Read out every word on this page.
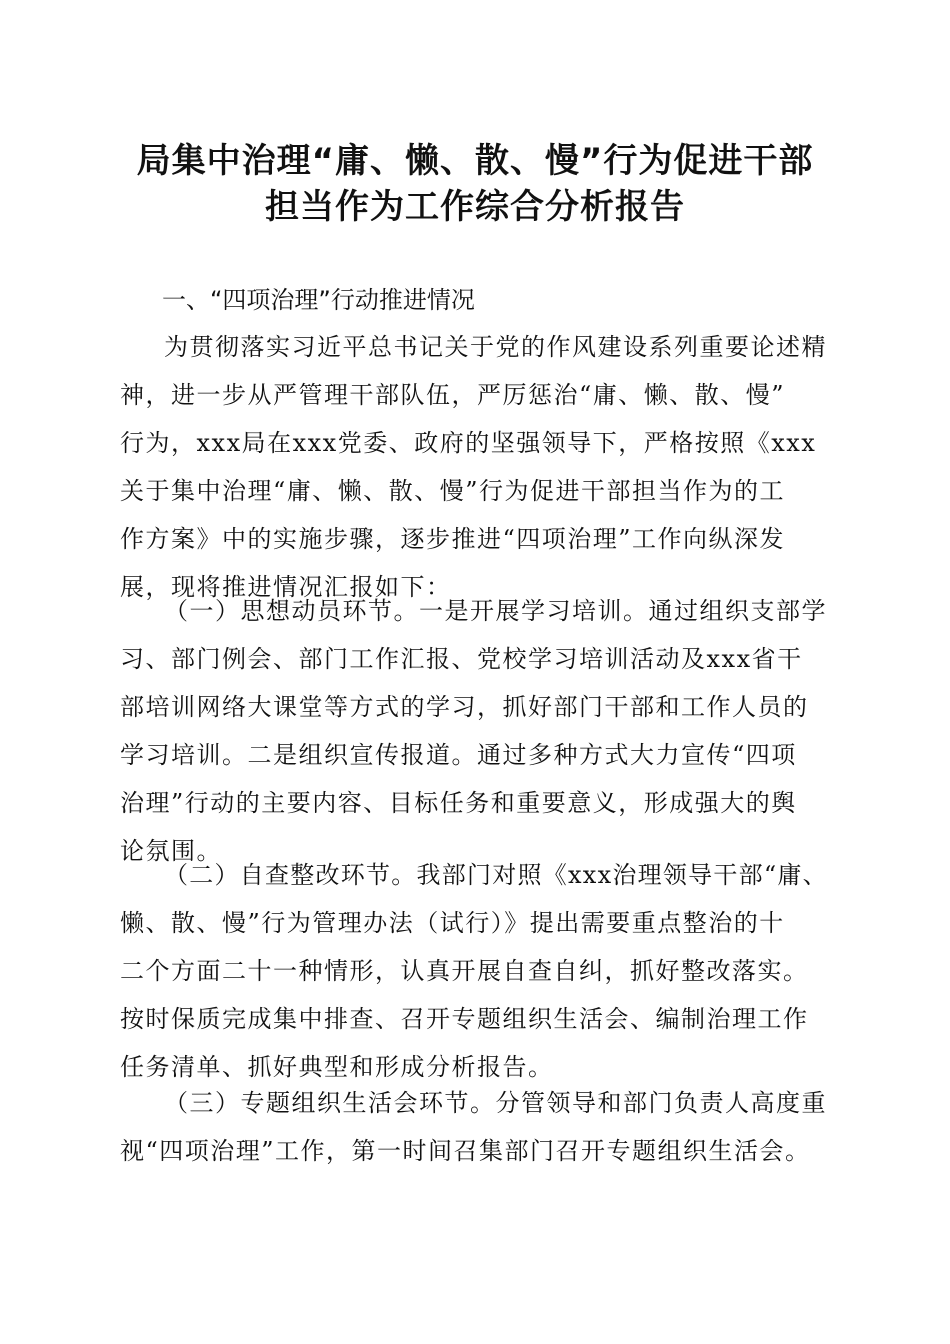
局集中治理“庸、懒、散、慢”行为促进干部
担当作为工作综合分析报告
一、“四项治理”行动推进情况
为贯彻落实习近平总书记关于党的作风建设系列重要论述精
神，进一步从严管理干部队伍，严厉惩治“庸、懒、散、慢”
行为，xxx局在xxx党委、政府的坚强领导下，严格按照《xxx
关于集中治理“庸、懒、散、慢”行为促进干部担当作为的工
作方案》中的实施步骤，逐步推进“四项治理”工作向纵深发
展，现将推进情况汇报如下：
（一）思想动员环节。一是开展学习培训。通过组织支部学
习、部门例会、部门工作汇报、党校学习培训活动及xxx省干
部培训网络大课堂等方式的学习，抓好部门干部和工作人员的
学习培训。二是组织宣传报道。通过多种方式大力宣传“四项
治理”行动的主要内容、目标任务和重要意义，形成强大的舆
论氛围。
（二）自查整改环节。我部门对照《xxx治理领导干部“庸、
懒、散、慢”行为管理办法（试行）》提出需要重点整治的十
二个方面二十一种情形，认真开展自查自纠，抓好整改落实。
按时保质完成集中排查、召开专题组织生活会、编制治理工作
任务清单、抓好典型和形成分析报告。
（三）专题组织生活会环节。分管领导和部门负责人高度重
视“四项治理”工作，第一时间召集部门召开专题组织生活会。
